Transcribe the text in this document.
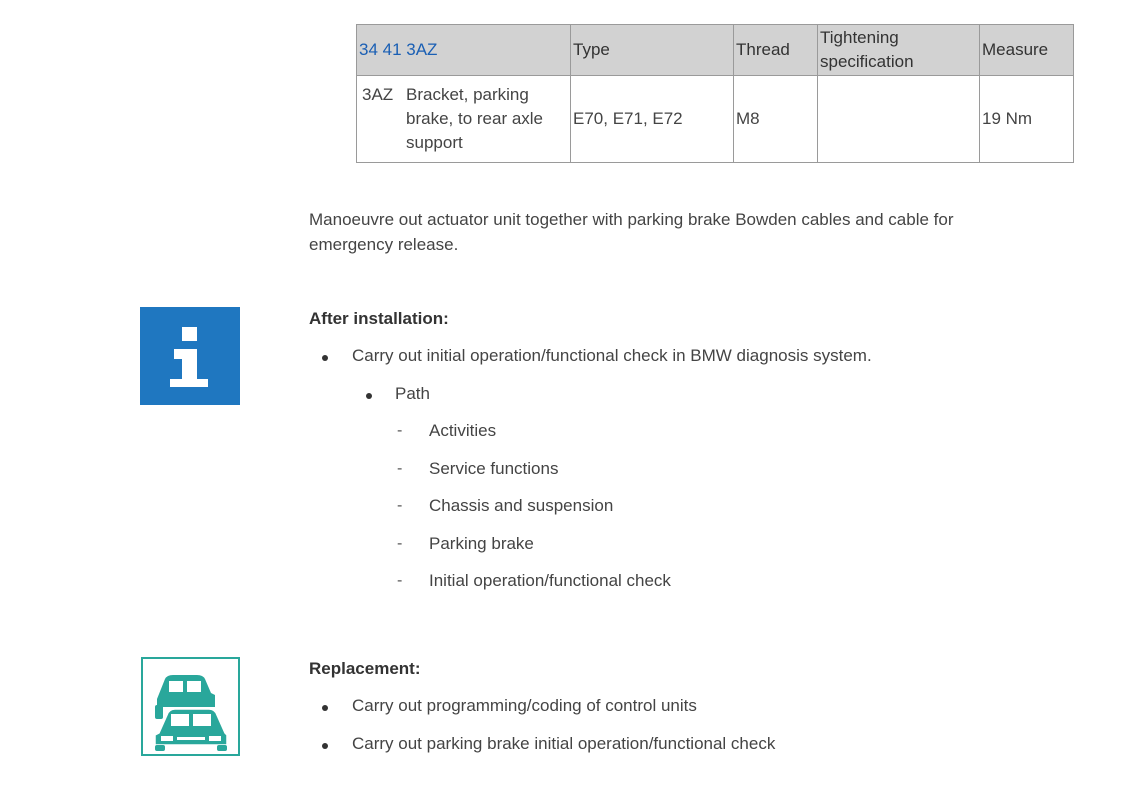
34 41 3AZ	Type	Thread	Tightening specification	Measure

3AZ Bracket, parking brake, to rear axle support	E70, E71, E72	M8		19 Nm
Manoeuvre out actuator unit together with parking brake Bowden cables and cable for emergency release.
After installation:
Carry out initial operation/functional check in BMW diagnosis system.
Path
- Activities
- Service functions
- Chassis and suspension
- Parking brake
- Initial operation/functional check
Replacement:
Carry out programming/coding of control units
Carry out parking brake initial operation/functional check
